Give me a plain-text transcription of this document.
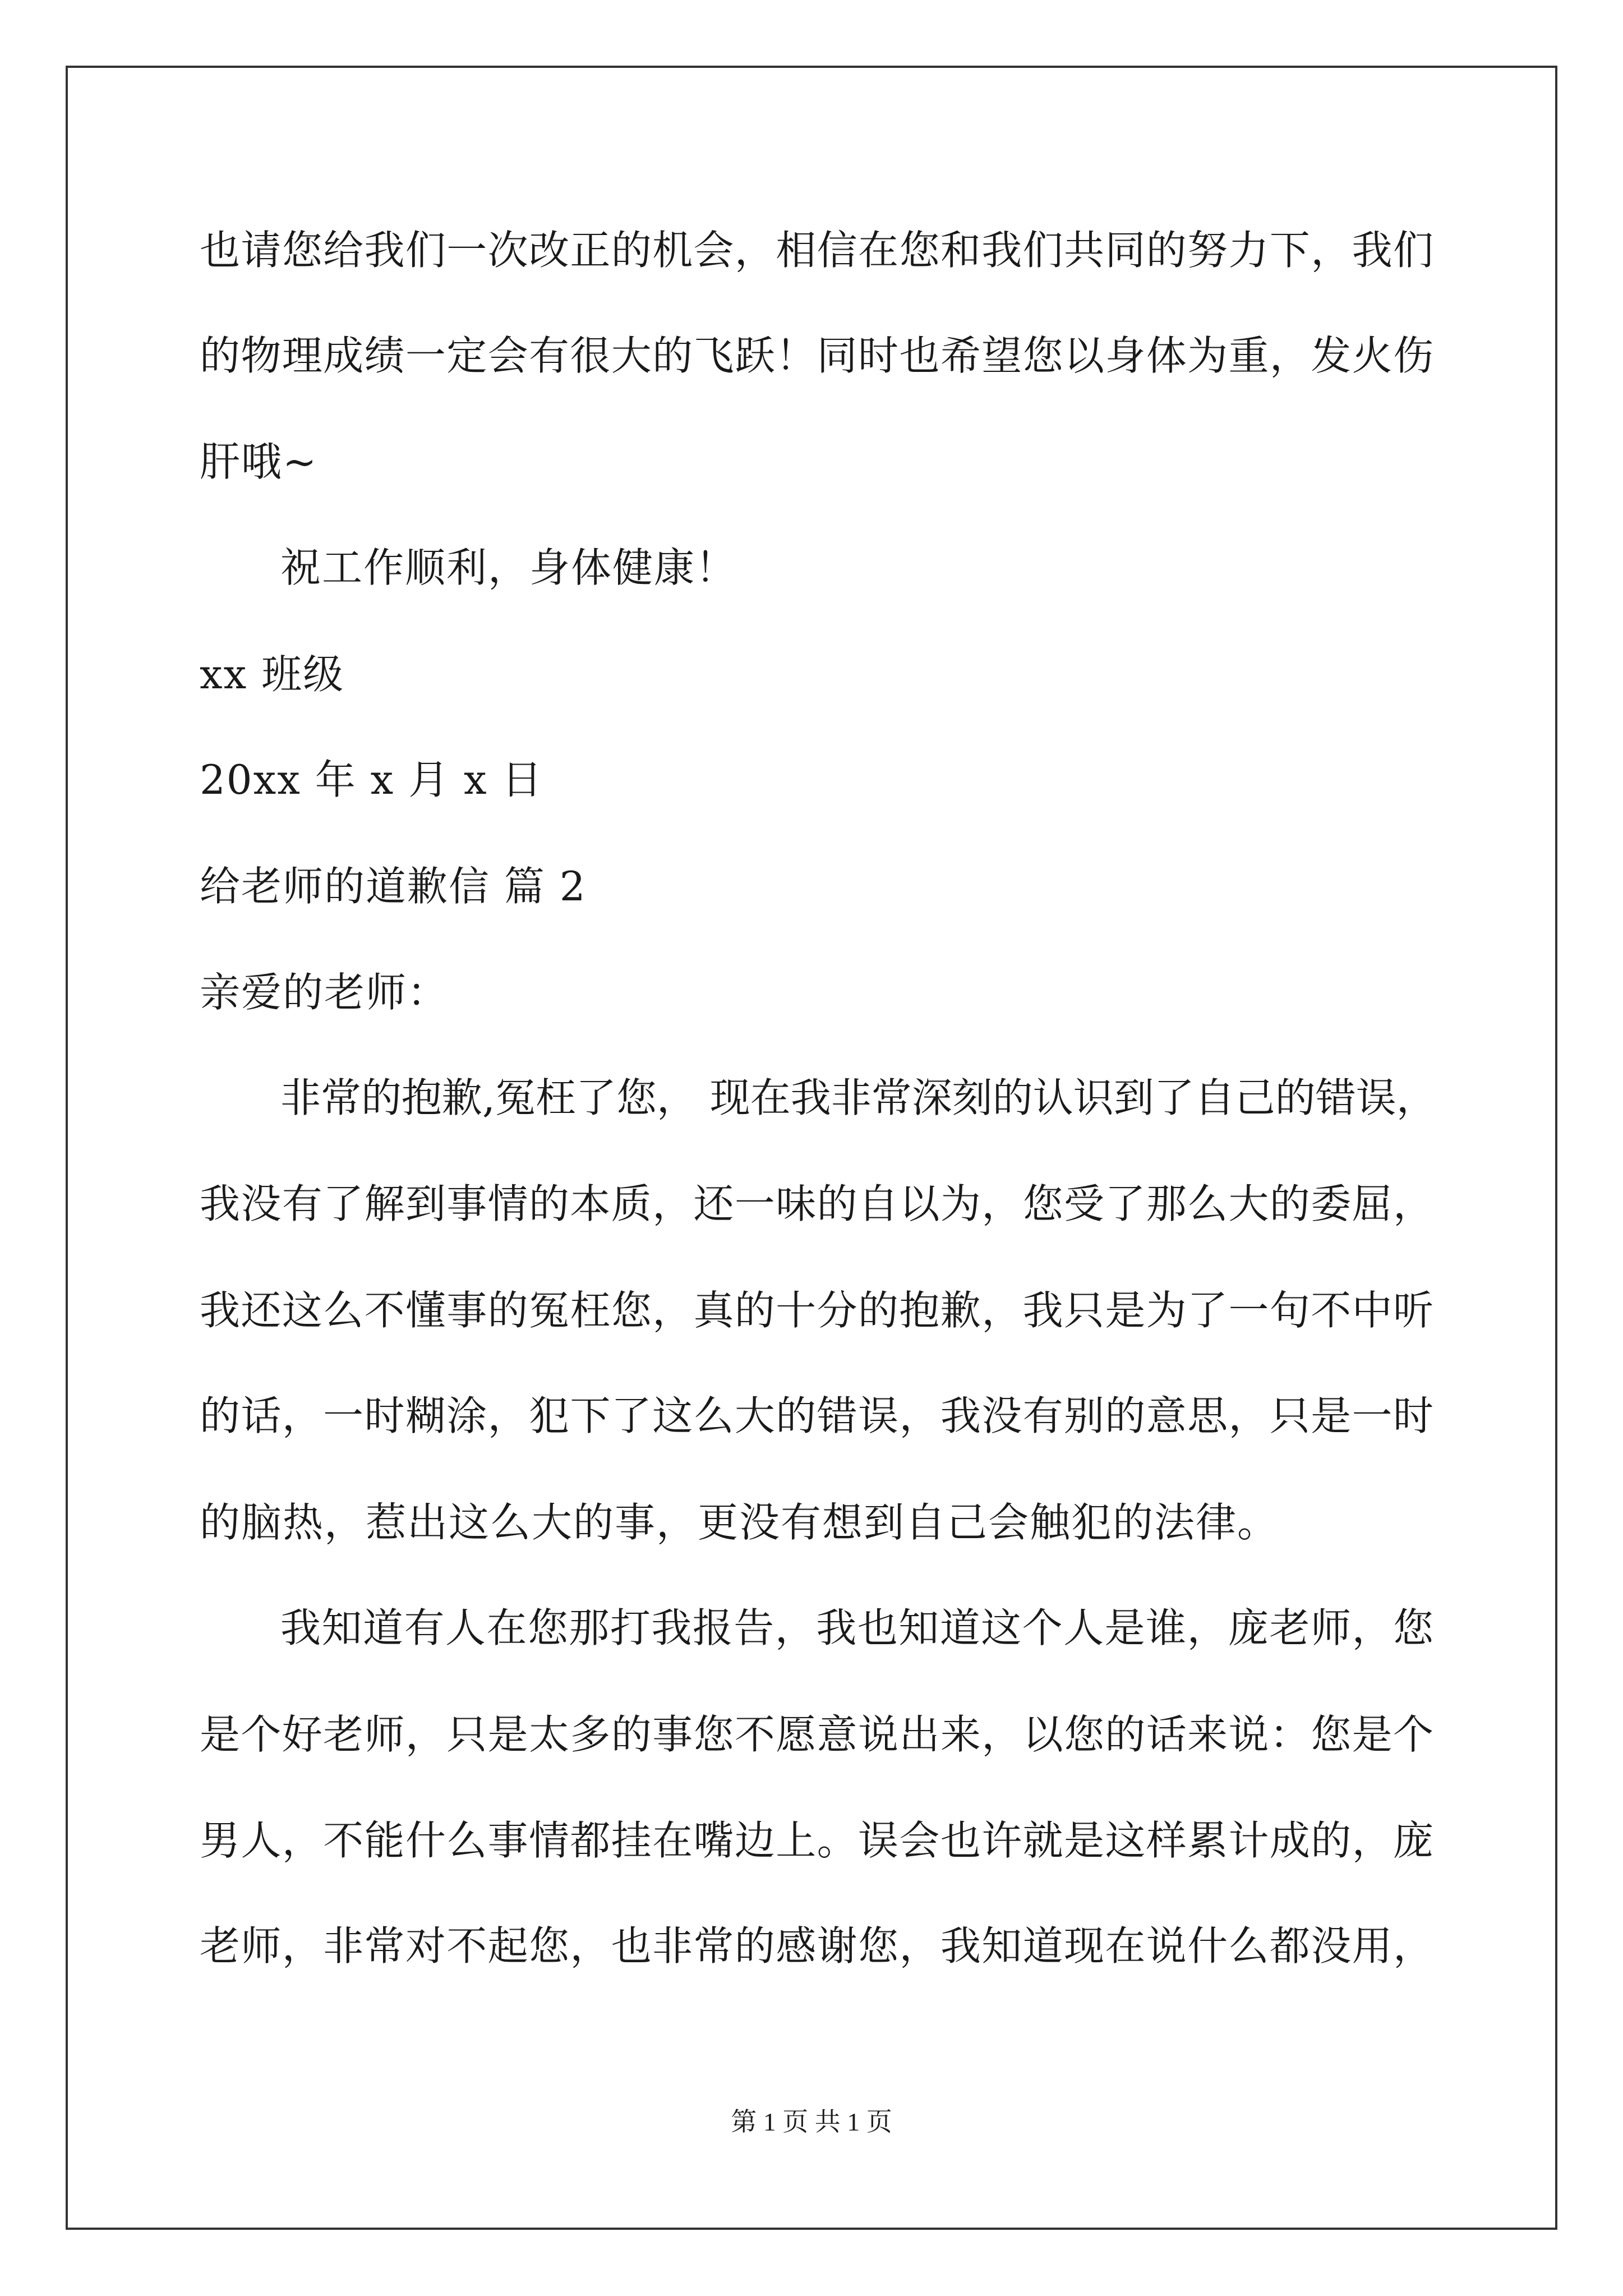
也请您给我们一次改正的机会，相信在您和我们共同的努力下，我们
的物理成绩一定会有很大的飞跃！同时也希望您以身体为重，发火伤
肝哦~
祝工作顺利，身体健康！
xx 班级
20xx 年 x 月 x 日
给老师的道歉信 篇 2
亲爱的老师：
非常的抱歉,冤枉了您， 现在我非常深刻的认识到了自己的错误，
我没有了解到事情的本质，还一味的自以为，您受了那么大的委屈，
我还这么不懂事的冤枉您，真的十分的抱歉，我只是为了一句不中听
的话，一时糊涂，犯下了这么大的错误，我没有别的意思，只是一时
的脑热，惹出这么大的事，更没有想到自己会触犯的法律。
我知道有人在您那打我报告，我也知道这个人是谁，庞老师，您
是个好老师，只是太多的事您不愿意说出来，以您的话来说：您是个
男人，不能什么事情都挂在嘴边上。误会也许就是这样累计成的，庞
老师，非常对不起您，也非常的感谢您，我知道现在说什么都没用，
第 1 页 共 1 页
